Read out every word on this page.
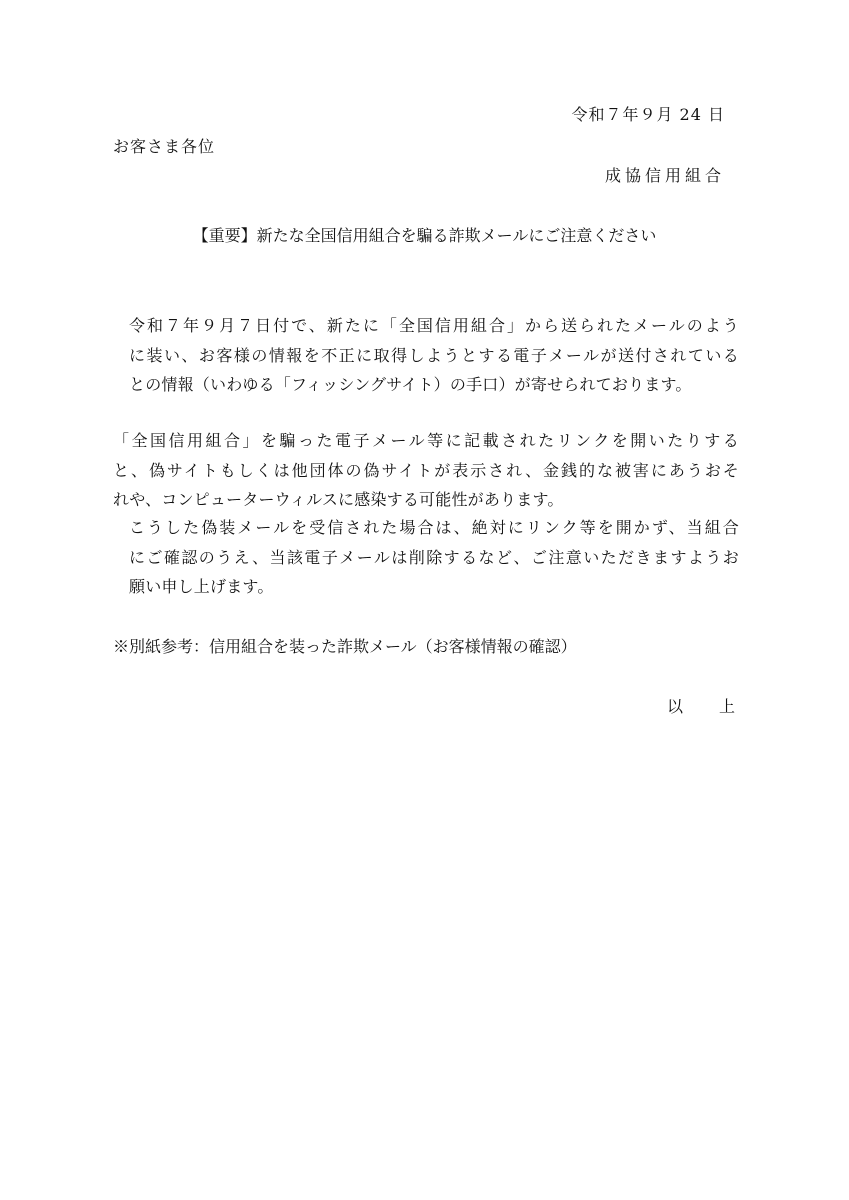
令和７年９月 24 日
お客さま各位
成協信用組合
【重要】新たな全国信用組合を騙る詐欺メールにご注意ください
令和７年９月７日付で、新たに「全国信用組合」から送られたメールのよう
に装い、お客様の情報を不正に取得しようとする電子メールが送付されている
との情報（いわゆる「フィッシングサイト）の手口）が寄せられております。
「全国信用組合」を騙った電子メール等に記載されたリンクを開いたりする
と、偽サイトもしくは他団体の偽サイトが表示され、金銭的な被害にあうおそ
れや、コンピューターウィルスに感染する可能性があります。
こうした偽装メールを受信された場合は、絶対にリンク等を開かず、当組合
にご確認のうえ、当該電子メールは削除するなど、ご注意いただきますようお
願い申し上げます。
※別紙参考：信用組合を装った詐欺メール（お客様情報の確認）
以上
